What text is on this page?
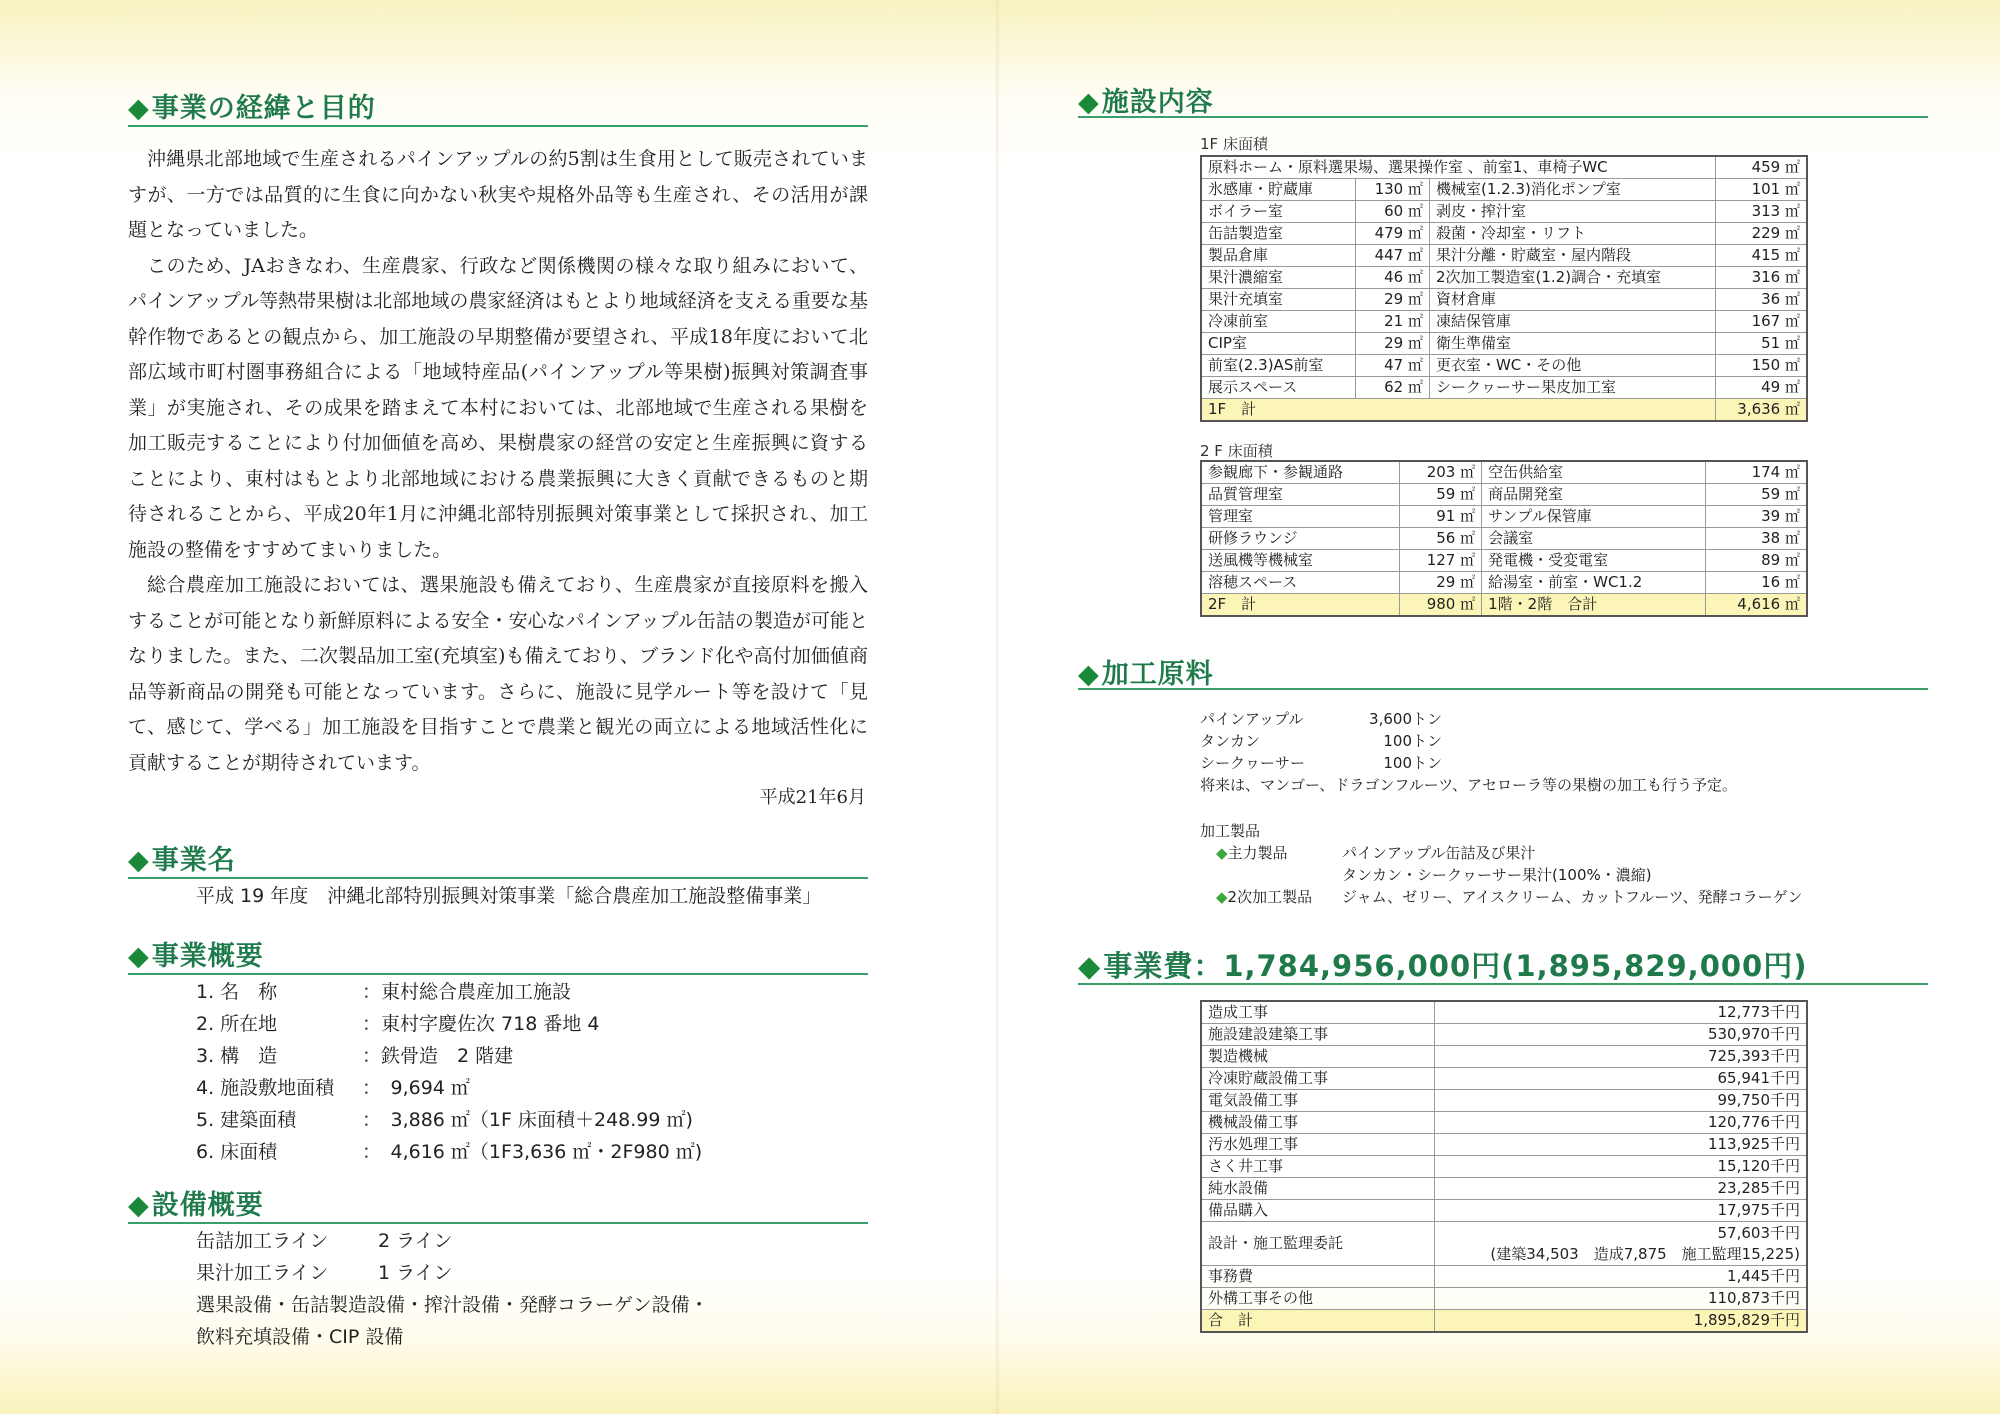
◆事業の経緯と目的

沖縄県北部地域で生産されるパインアップルの約5割は生食用として販売されていますが、一方では品質的に生食に向かない秋実や規格外品等も生産され、その活用が課題となっていました。

このため、JAおきなわ、生産農家、行政など関係機関の様々な取り組みにおいて、パインアップル等熱帯果樹は北部地域の農家経済はもとより地域経済を支える重要な基幹作物であるとの観点から、加工施設の早期整備が要望され、平成18年度において北部広域市町村圏事務組合による「地域特産品(パインアップル等果樹)振興対策調査事業」が実施され、その成果を踏まえて本村においては、北部地域で生産される果樹を加工販売することにより付加価値を高め、果樹農家の経営の安定と生産振興に資することにより、東村はもとより北部地域における農業振興に大きく貢献できるものと期待されることから、平成20年1月に沖縄北部特別振興対策事業として採択され、加工施設の整備をすすめてまいりました。

総合農産加工施設においては、選果施設も備えており、生産農家が直接原料を搬入することが可能となり新鮮原料による安全・安心なパインアップル缶詰の製造が可能となりました。また、二次製品加工室(充填室)も備えており、ブランド化や高付加価値商品等新商品の開発も可能となっています。さらに、施設に見学ルート等を設けて「見て、感じて、学べる」加工施設を目指すことで農業と観光の両立による地域活性化に貢献することが期待されています。

平成21年6月
◆事業名
平成 19 年度　沖縄北部特別振興対策事業「総合農産加工施設整備事業」
◆事業概要
1. 名　称	：東村総合農産加工施設
2. 所在地	：東村字慶佐次 718 番地 4
3. 構　造	：鉄骨造　2 階建
4. 施設敷地面積	：　9,694 ㎡
5. 建築面積	：　3,886 ㎡（1F 床面積＋248.99 ㎡)
6. 床面積	：　4,616 ㎡（1F3,636 ㎡・2F980 ㎡)
◆設備概要
缶詰加工ライン	2 ライン
果汁加工ライン	1 ライン
選果設備・缶詰製造設備・搾汁設備・発酵コラーゲン設備・
飲料充填設備・CIP 設備
◆施設内容
1F 床面積
原料ホーム・原料選果場、選果操作室 、前室1、車椅子WC			459 ㎡
氷感庫・貯蔵庫	130 ㎡	機械室(1.2.3)消化ポンプ室	101 ㎡
ボイラー室	60 ㎡	剥皮・搾汁室	313 ㎡
缶詰製造室	479 ㎡	殺菌・冷却室・リフト	229 ㎡
製品倉庫	447 ㎡	果汁分離・貯蔵室・屋内階段	415 ㎡
果汁濃縮室	46 ㎡	2次加工製造室(1.2)調合・充填室	316 ㎡
果汁充填室	29 ㎡	資材倉庫	36 ㎡
冷凍前室	21 ㎡	凍結保管庫	167 ㎡
CIP室	29 ㎡	衛生準備室	51 ㎡
前室(2.3)AS前室	47 ㎡	更衣室・WC・その他	150 ㎡
展示スペース	62 ㎡	シークヮーサー果皮加工室	49 ㎡
1F　計			3,636 ㎡
2 F 床面積
参観廊下・参観通路	203 ㎡	空缶供給室	174 ㎡
品質管理室	59 ㎡	商品開発室	59 ㎡
管理室	91 ㎡	サンプル保管庫	39 ㎡
研修ラウンジ	56 ㎡	会議室	38 ㎡
送風機等機械室	127 ㎡	発電機・受変電室	89 ㎡
溶穂スペース	29 ㎡	給湯室・前室・WC1.2	16 ㎡
2F　計	980 ㎡	1階・2階　合計	4,616 ㎡
◆加工原料
パインアップル	3,600トン
タンカン	100トン
シークヮーサー	100トン
将来は、マンゴー、ドラゴンフルーツ、アセローラ等の果樹の加工も行う予定。
加工製品
◆主力製品	パインアップル缶詰及び果汁
タンカン・シークヮーサー果汁(100%・濃縮)
◆2次加工製品 ジャム、ゼリー、アイスクリーム、カットフルーツ、発酵コラーゲン
◆事業費：1,784,956,000円(1,895,829,000円)
造成工事	12,773千円
施設建設建築工事	530,970千円
製造機械	725,393千円
冷凍貯蔵設備工事	65,941千円
電気設備工事	99,750千円
機械設備工事	120,776千円
汚水処理工事	113,925千円
さく井工事	15,120千円
純水設備	23,285千円
備品購入	17,975千円
設計・施工監理委託	57,603千円
(建築34,503　造成7,875　施工監理15,225)

事務費	1,445千円
外構工事その他	110,873千円
合　計	1,895,829千円
